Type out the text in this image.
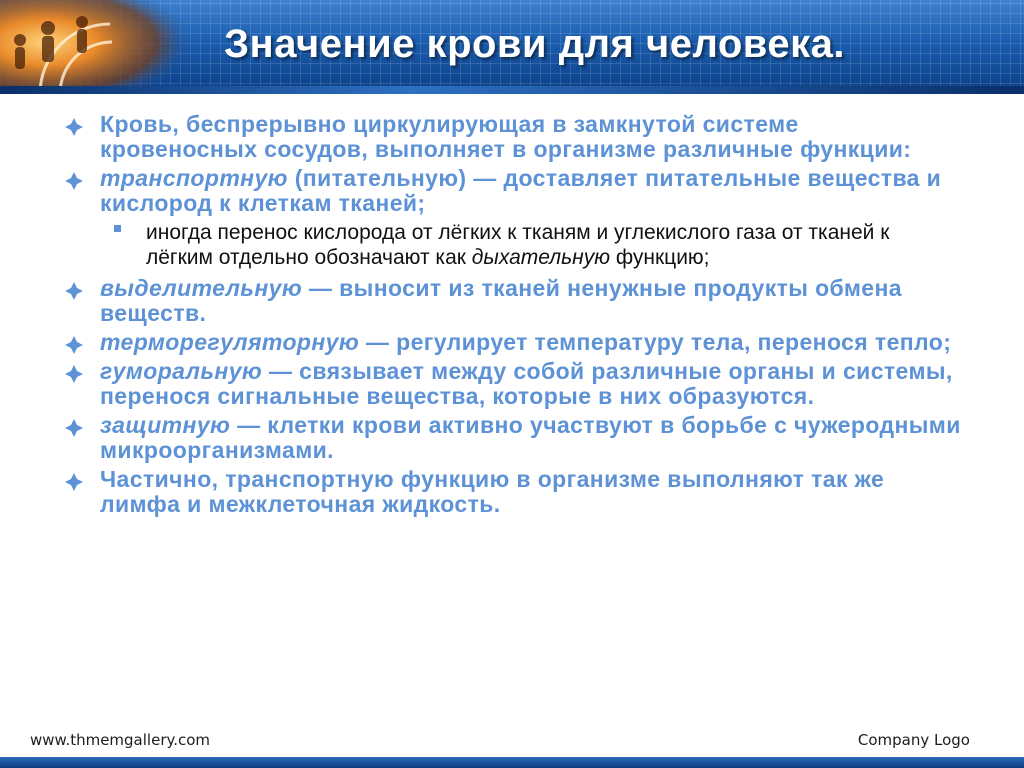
Значение крови для человека.
Кровь, беспрерывно циркулирующая в замкнутой системе кровеносных сосудов, выполняет в организме различные функции:
транспортную (питательную) — доставляет питательные вещества и кислород к клеткам тканей;
иногда перенос кислорода от лёгких к тканям и углекислого газа от тканей к лёгким отдельно обозначают как дыхательную функцию;
выделительную — выносит из тканей ненужные продукты обмена веществ.
терморегуляторную — регулирует температуру тела, перенося тепло;
гуморальную — связывает между собой различные органы и системы, перенося сигнальные вещества, которые в них образуются.
защитную — клетки крови активно участвуют в борьбе с чужеродными микроорганизмами.
Частично, транспортную функцию в организме выполняют так же лимфа и межклеточная жидкость.
www.thmemgallery.com	Company Logo
